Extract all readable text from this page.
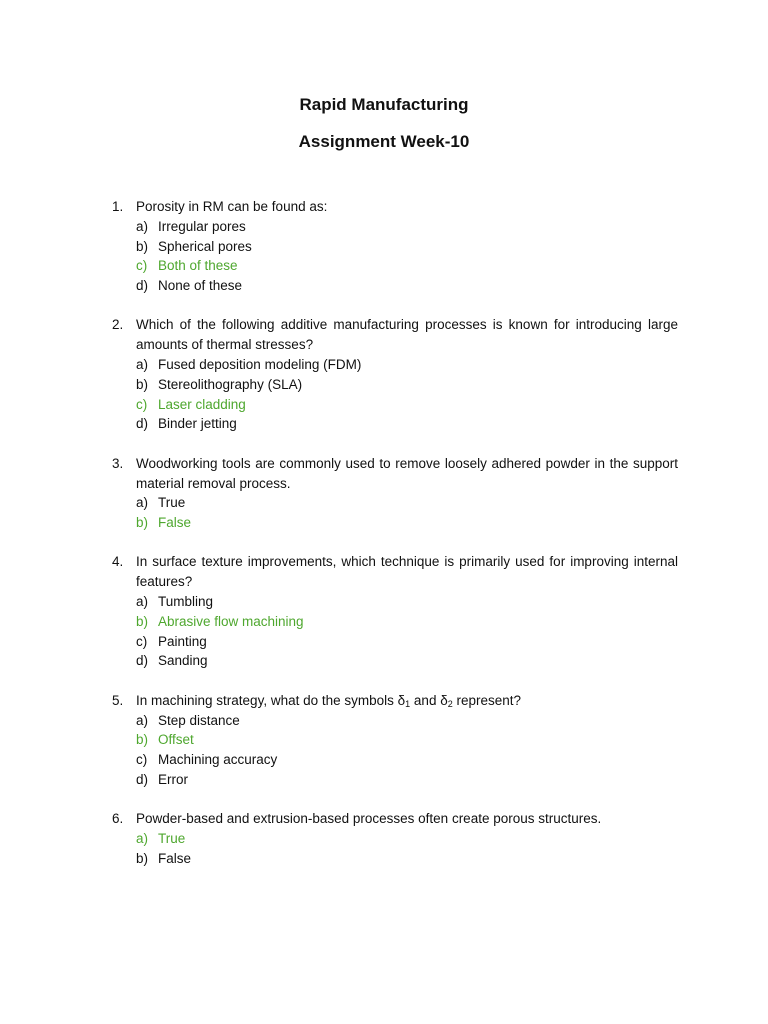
Rapid Manufacturing
Assignment Week-10
1. Porosity in RM can be found as:
a) Irregular pores
b) Spherical pores
c) Both of these
d) None of these
2. Which of the following additive manufacturing processes is known for introducing large amounts of thermal stresses?
a) Fused deposition modeling (FDM)
b) Stereolithography (SLA)
c) Laser cladding
d) Binder jetting
3. Woodworking tools are commonly used to remove loosely adhered powder in the support material removal process.
a) True
b) False
4. In surface texture improvements, which technique is primarily used for improving internal features?
a) Tumbling
b) Abrasive flow machining
c) Painting
d) Sanding
5. In machining strategy, what do the symbols $\delta_1$ and $\delta_2$ represent?
a) Step distance
b) Offset
c) Machining accuracy
d) Error
6. Powder-based and extrusion-based processes often create porous structures.
a) True
b) False
